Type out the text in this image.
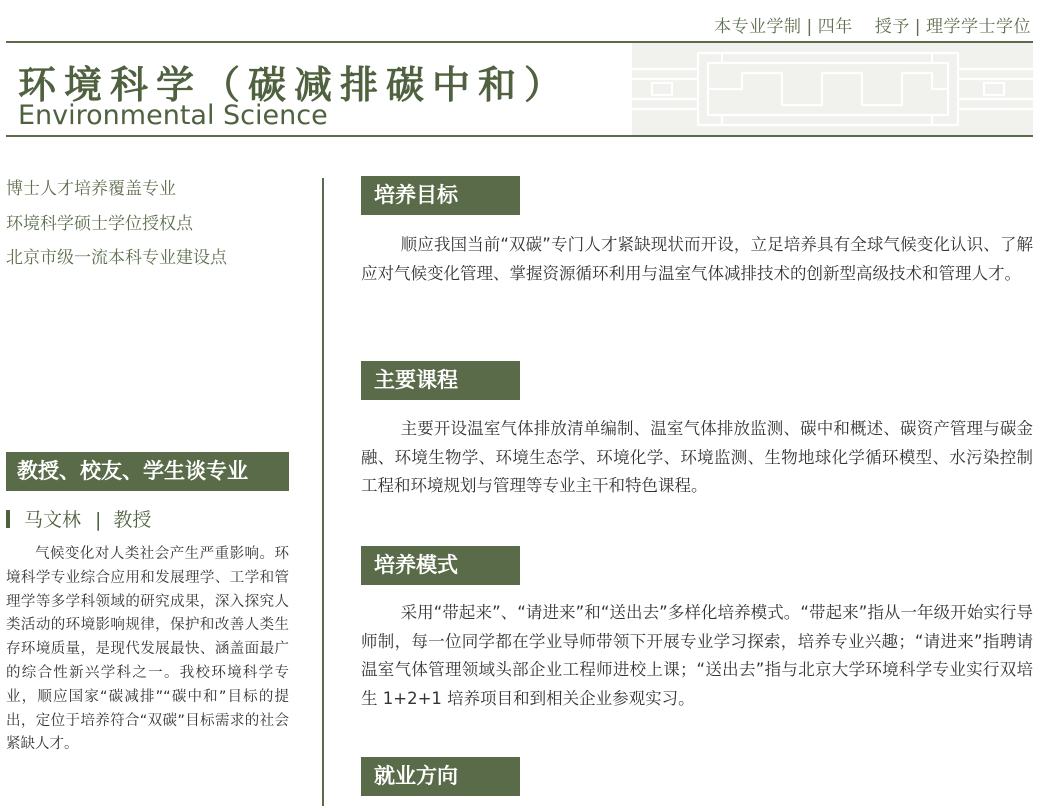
本专业学制 | 四年 授予 | 理学学士学位
环境科学（碳减排碳中和）
Environmental Science
博士人才培养覆盖专业
环境科学硕士学位授权点
北京市级一流本科专业建设点
教授、校友、学生谈专业
马文林 | 教授
气候变化对人类社会产生严重影响。环境科学专业综合应用和发展理学、工学和管理学等多学科领域的研究成果，深入探究人类活动的环境影响规律，保护和改善人类生存环境质量，是现代发展最快、涵盖面最广的综合性新兴学科之一。我校环境科学专业，顺应国家“碳减排”“碳中和”目标的提出，定位于培养符合“双碳”目标需求的社会紧缺人才。
培养目标
顺应我国当前“双碳”专门人才紧缺现状而开设，立足培养具有全球气候变化认识、了解应对气候变化管理、掌握资源循环利用与温室气体减排技术的创新型高级技术和管理人才。
主要课程
主要开设温室气体排放清单编制、温室气体排放监测、碳中和概述、碳资产管理与碳金融、环境生物学、环境生态学、环境化学、环境监测、生物地球化学循环模型、水污染控制工程和环境规划与管理等专业主干和特色课程。
培养模式
采用“带起来”、“请进来”和“送出去”多样化培养模式。“带起来”指从一年级开始实行导师制，每一位同学都在学业导师带领下开展专业学习探索，培养专业兴趣；“请进来”指聘请温室气体管理领域头部企业工程师进校上课；“送出去”指与北京大学环境科学专业实行双培生 1+2+1 培养项目和到相关企业参观实习。
就业方向
